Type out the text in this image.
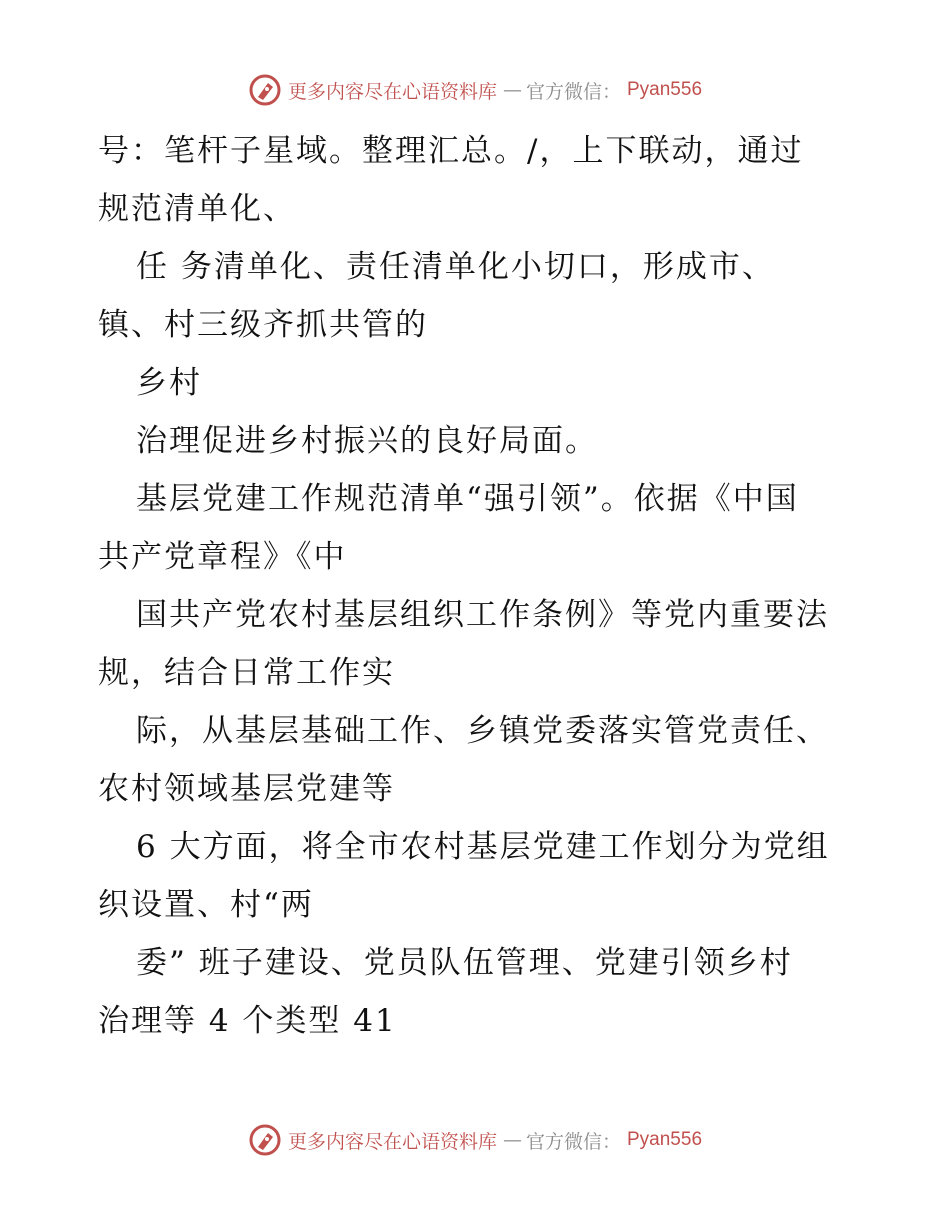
更多内容尽在心语资料库 — 官方微信： Pyan556
号：笔杆子星域。整理汇总。/，上下联动，通过
规范清单化、
任 务清单化、责任清单化小切口，形成市、
镇、村三级齐抓共管的
乡村
治理促进乡村振兴的良好局面。
基层党建工作规范清单“强引领”。依据《中国
共产党章程》《中
国共产党农村基层组织工作条例》等党内重要法
规，结合日常工作实
际，从基层基础工作、乡镇党委落实管党责任、
农村领域基层党建等
6 大方面，将全市农村基层党建工作划分为党组
织设置、村“两
委” 班子建设、党员队伍管理、党建引领乡村
治理等 4 个类型 41
更多内容尽在心语资料库 — 官方微信： Pyan556
